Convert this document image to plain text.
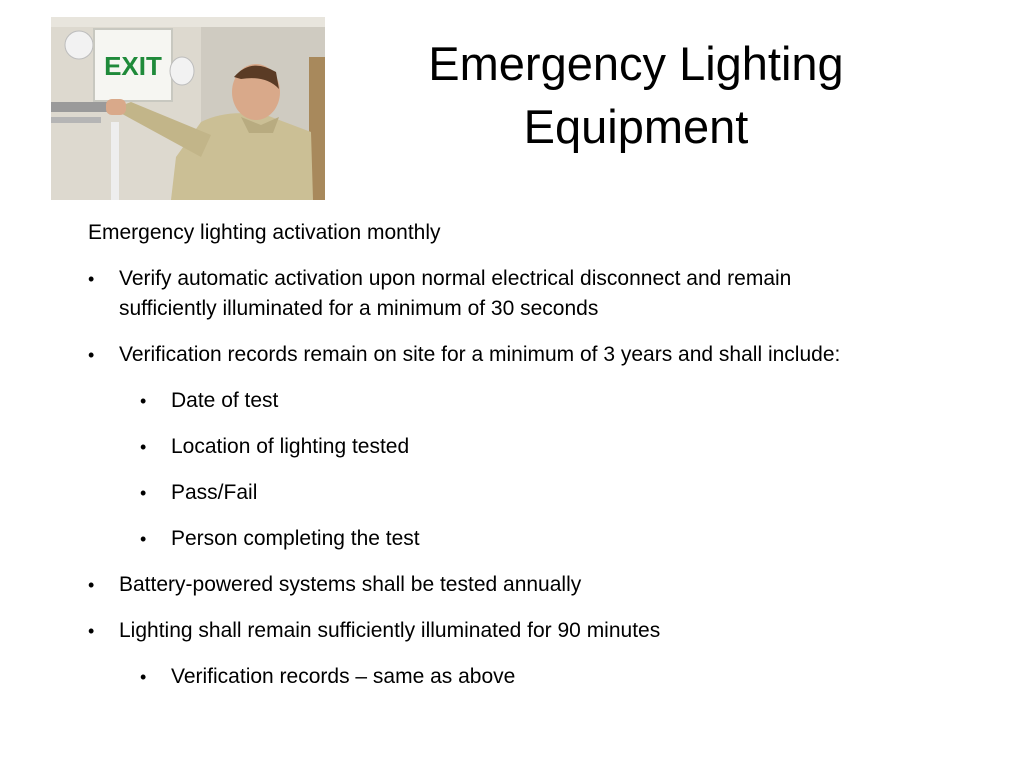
EXIT	Emergency Lighting
Equipment
Emergency lighting activation monthly
• Verify automatic activation upon normal electrical disconnect and remain
sufficiently illuminated for a minimum of 30 seconds
• Verification records remain on site for a minimum of 3 years and shall include:
• Date of test
• Location of lighting tested
• Pass/Fail
• Person completing the test
• Battery-powered systems shall be tested annually
• Lighting shall remain sufficiently illuminated for 90 minutes
• Verification records – same as above
